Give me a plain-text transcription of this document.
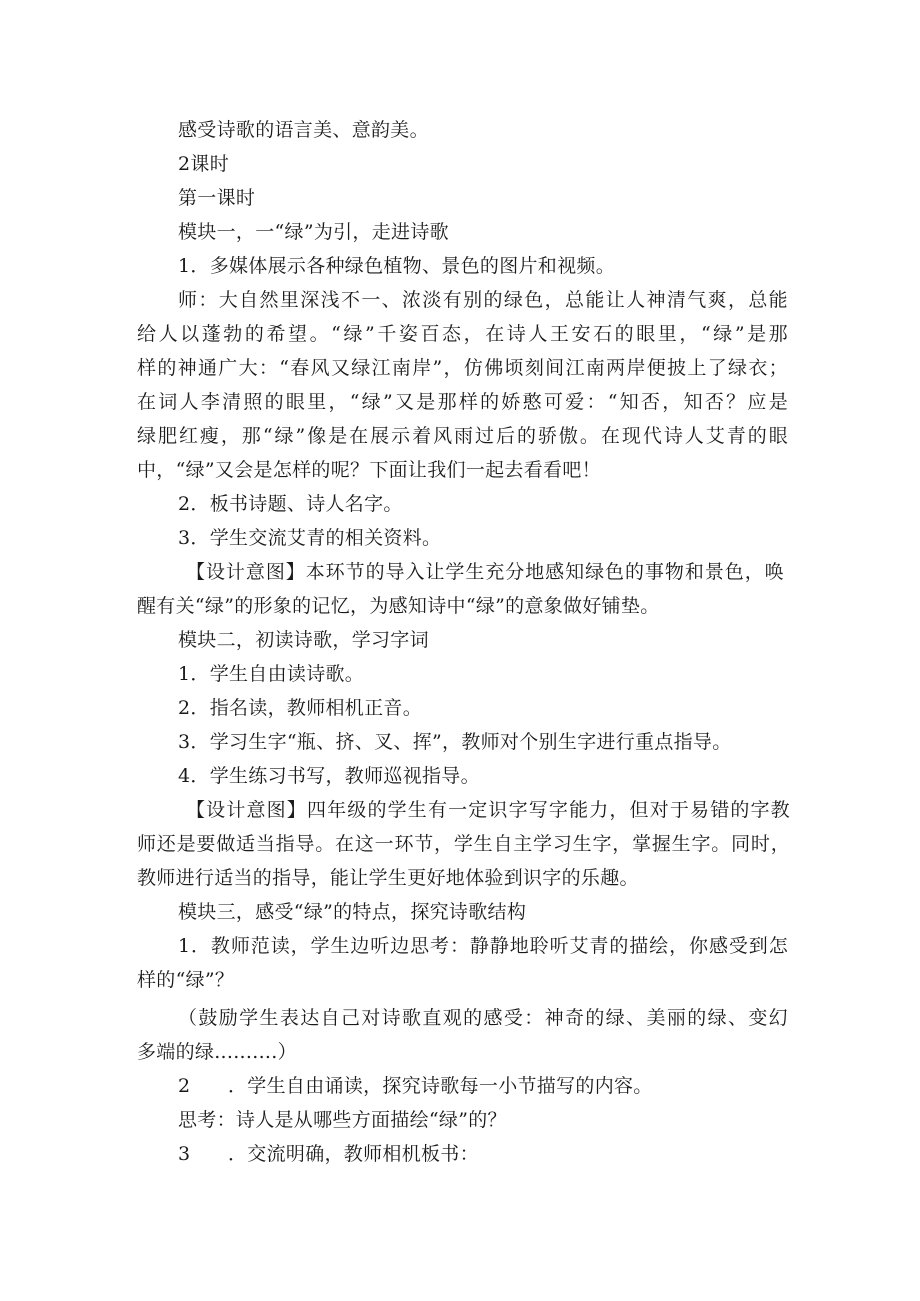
感受诗歌的语言美、意韵美。
2课时
第一课时
模块一，一“绿”为引，走进诗歌
1．多媒体展示各种绿色植物、景色的图片和视频。
师：大自然里深浅不一、浓淡有别的绿色，总能让人神清气爽，总能
给人以蓬勃的希望。“绿”千姿百态，在诗人王安石的眼里，“绿”是那
样的神通广大：“春风又绿江南岸”，仿佛顷刻间江南两岸便披上了绿衣；
在词人李清照的眼里，“绿”又是那样的娇憨可爱：“知否，知否？应是
绿肥红瘦，那“绿”像是在展示着风雨过后的骄傲。在现代诗人艾青的眼
中，“绿”又会是怎样的呢？下面让我们一起去看看吧！
2．板书诗题、诗人名字。
3．学生交流艾青的相关资料。
【设计意图】本环节的导入让学生充分地感知绿色的事物和景色，唤
醒有关“绿”的形象的记忆，为感知诗中“绿”的意象做好铺垫。
模块二，初读诗歌，学习字词
1．学生自由读诗歌。
2．指名读，教师相机正音。
3．学习生字“瓶、挤、叉、挥”，教师对个别生字进行重点指导。
4．学生练习书写，教师巡视指导。
【设计意图】四年级的学生有一定识字写字能力，但对于易错的字教
师还是要做适当指导。在这一环节，学生自主学习生字，掌握生字。同时，
教师进行适当的指导，能让学生更好地体验到识字的乐趣。
模块三，感受“绿”的特点，探究诗歌结构
1．教师范读，学生边听边思考：静静地聆听艾青的描绘，你感受到怎
样的“绿”？
（鼓励学生表达自己对诗歌直观的感受：神奇的绿、美丽的绿、变幻
多端的绿..........）
2 ．学生自由诵读，探究诗歌每一小节描写的内容。
思考：诗人是从哪些方面描绘“绿”的？
3 ．交流明确，教师相机板书：
